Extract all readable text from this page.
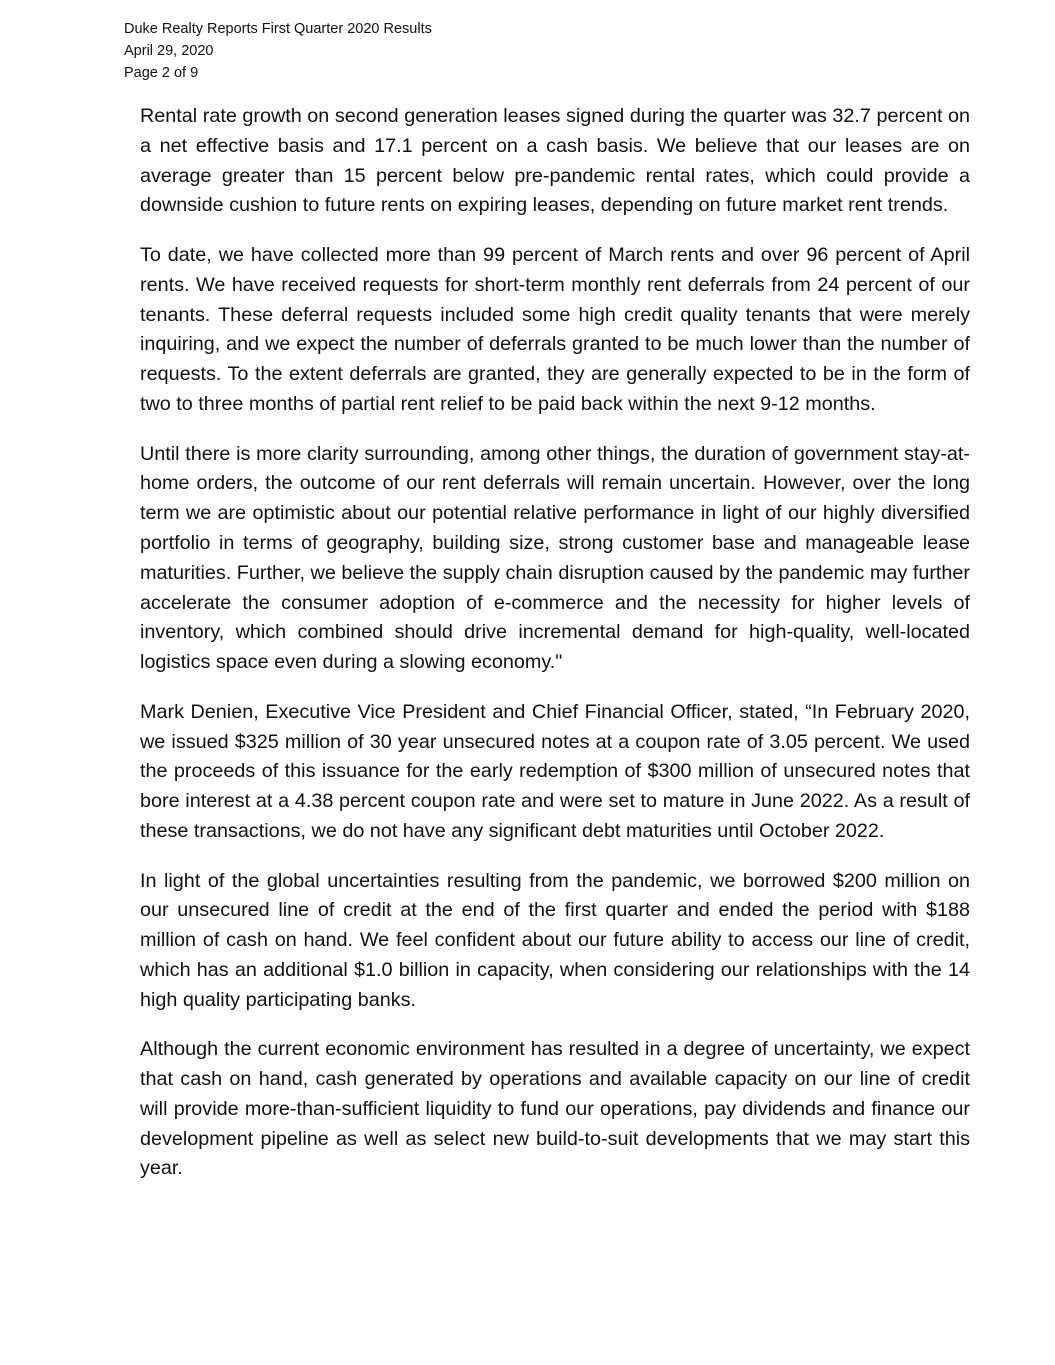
Duke Realty Reports First Quarter 2020 Results
April 29, 2020
Page 2 of 9

Rental rate growth on second generation leases signed during the quarter was 32.7 percent on a net effective basis and 17.1 percent on a cash basis. We believe that our leases are on average greater than 15 percent below pre-pandemic rental rates, which could provide a downside cushion to future rents on expiring leases, depending on future market rent trends.

To date, we have collected more than 99 percent of March rents and over 96 percent of April rents. We have received requests for short-term monthly rent deferrals from 24 percent of our tenants. These deferral requests included some high credit quality tenants that were merely inquiring, and we expect the number of deferrals granted to be much lower than the number of requests. To the extent deferrals are granted, they are generally expected to be in the form of two to three months of partial rent relief to be paid back within the next 9-12 months.

Until there is more clarity surrounding, among other things, the duration of government stay-at-home orders, the outcome of our rent deferrals will remain uncertain. However, over the long term we are optimistic about our potential relative performance in light of our highly diversified portfolio in terms of geography, building size, strong customer base and manageable lease maturities. Further, we believe the supply chain disruption caused by the pandemic may further accelerate the consumer adoption of e-commerce and the necessity for higher levels of inventory, which combined should drive incremental demand for high-quality, well-located logistics space even during a slowing economy."

Mark Denien, Executive Vice President and Chief Financial Officer, stated, “In February 2020, we issued $325 million of 30 year unsecured notes at a coupon rate of 3.05 percent. We used the proceeds of this issuance for the early redemption of $300 million of unsecured notes that bore interest at a 4.38 percent coupon rate and were set to mature in June 2022. As a result of these transactions, we do not have any significant debt maturities until October 2022.

In light of the global uncertainties resulting from the pandemic, we borrowed $200 million on our unsecured line of credit at the end of the first quarter and ended the period with $188 million of cash on hand. We feel confident about our future ability to access our line of credit, which has an additional $1.0 billion in capacity, when considering our relationships with the 14 high quality participating banks.

Although the current economic environment has resulted in a degree of uncertainty, we expect that cash on hand, cash generated by operations and available capacity on our line of credit will provide more-than-sufficient liquidity to fund our operations, pay dividends and finance our development pipeline as well as select new build-to-suit developments that we may start this year.
